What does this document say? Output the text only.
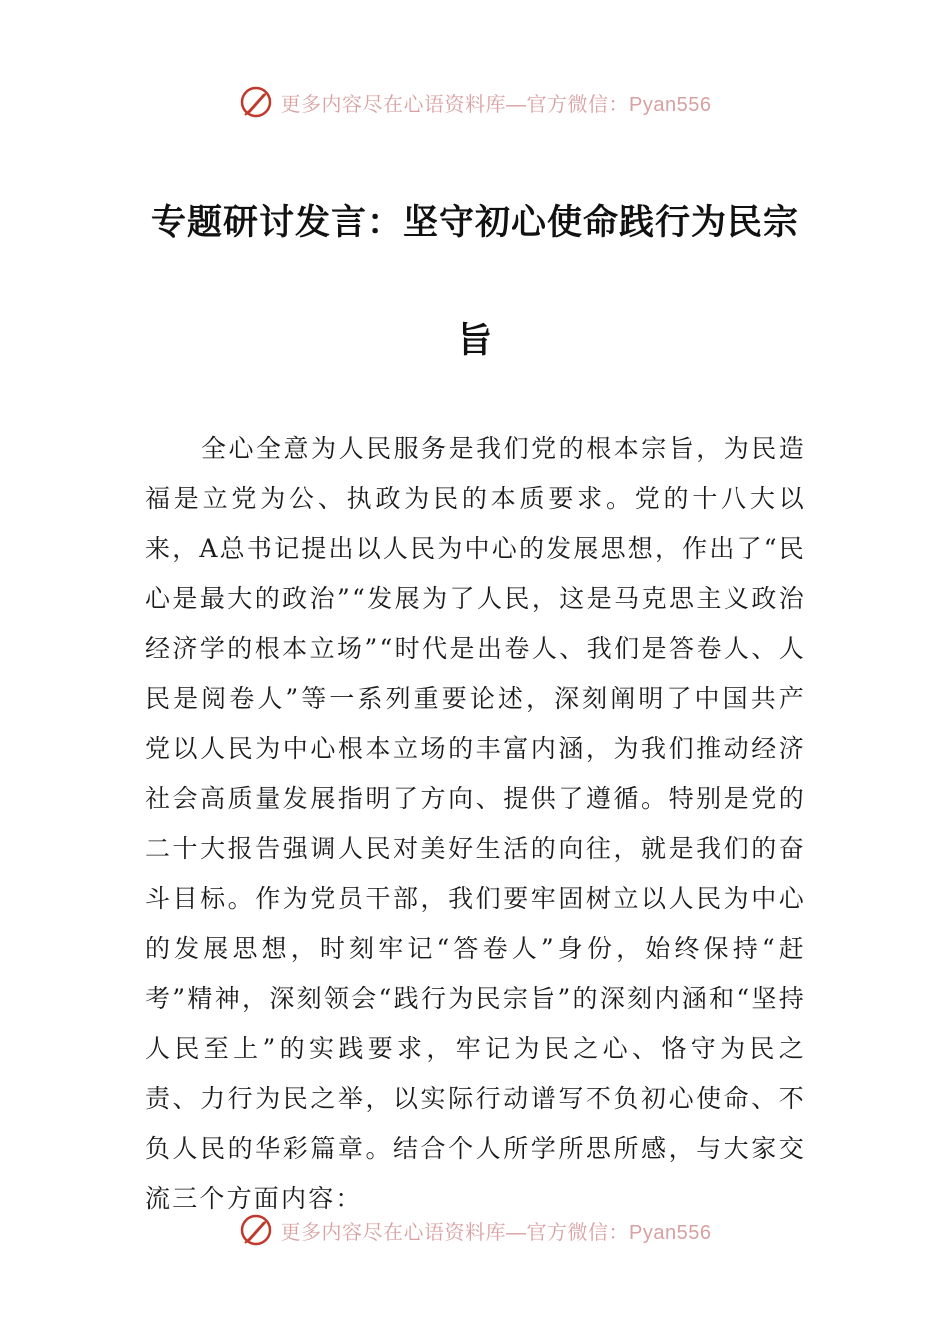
更多内容尽在心语资料库—官方微信：Pyan556
专题研讨发言：坚守初心使命践行为民宗旨

全心全意为人民服务是我们党的根本宗旨，为民造福是立党为公、执政为民的本质要求。党的十八大以来，A总书记提出以人民为中心的发展思想，作出了“民心是最大的政治”“发展为了人民，这是马克思主义政治经济学的根本立场”“时代是出卷人、我们是答卷人、人民是阅卷人”等一系列重要论述，深刻阐明了中国共产党以人民为中心根本立场的丰富内涵，为我们推动经济社会高质量发展指明了方向、提供了遵循。特别是党的二十大报告强调人民对美好生活的向往，就是我们的奋斗目标。作为党员干部，我们要牢固树立以人民为中心的发展思想，时刻牢记“答卷人”身份，始终保持“赶考”精神，深刻领会“践行为民宗旨”的深刻内涵和“坚持人民至上”的实践要求，牢记为民之心、恪守为民之责、力行为民之举，以实际行动谱写不负初心使命、不负人民的华彩篇章。结合个人所学所思所感，与大家交流三个方面内容：

更多内容尽在心语资料库—官方微信：Pyan556
